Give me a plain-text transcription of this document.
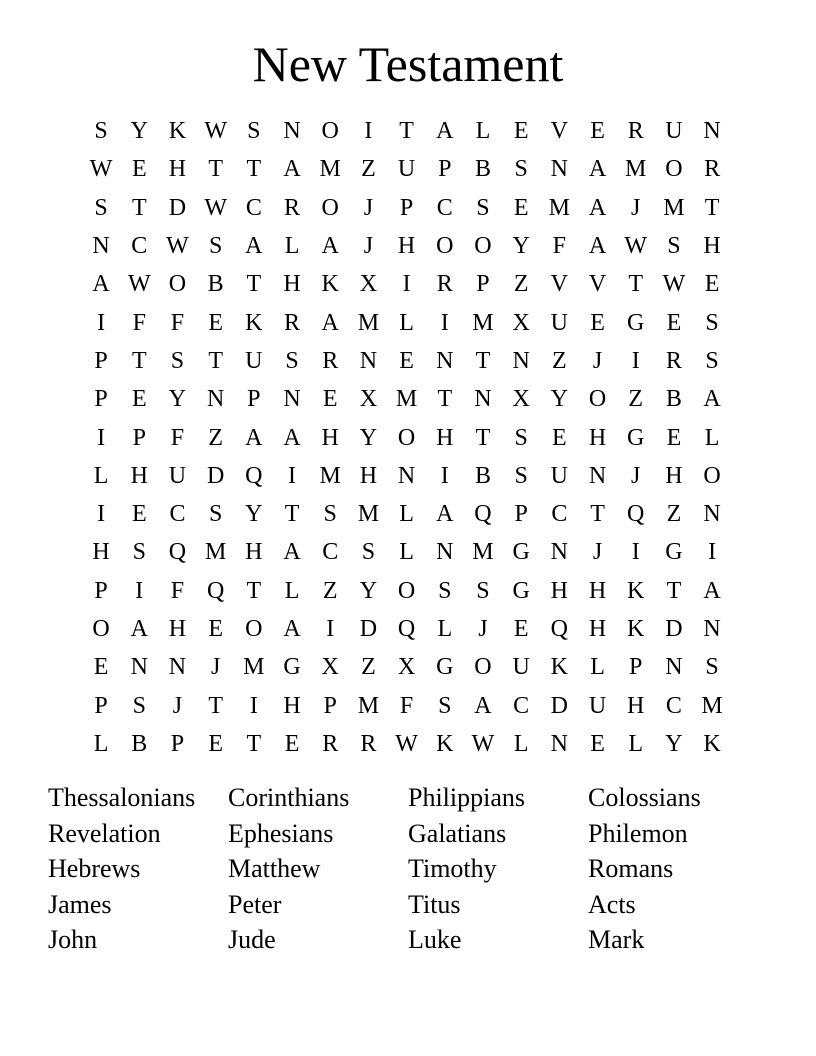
New Testament
S Y K W S N O	I	T A L E V E R U N
W E H T T A M Z U P B S N A M O R
S	T D W C R O	J	P C S	E M A	J M T
N C W S A L A	J	H O O Y F A W S H
A W O B T H K X	I	R P	Z V V T W E
I	F	F	E K R A M L	I M X U E G E	S
P	T	S	T U S R N E N T N Z	J	I	R S
P	E Y N P N E X M T N X Y O Z B A
I	P	F	Z A A H Y O H T	S	E H G E L
L H U D Q	I M H N	I	B S U N	J	H O
I	E C S Y T	S M L A Q P C T Q Z N
H S Q M H A C S	L N M G N	J	I	G	I
P	I	F Q T L Z Y O S	S G H H K T A
O A H E O A	I	D Q L	J	E Q H K D N
E N N	J M G X Z X G O U K L	P N S
P	S	J	T	I	H P M F	S A C D U H C M
L B P	E T E R R W K W L N E L Y K
Thessalonians	Corinthians	Philippians	Colossians
Revelation	Ephesians	Galatians	Philemon
Hebrews	Matthew	Timothy	Romans
James	Peter	Titus	Acts
John	Jude	Luke	Mark
